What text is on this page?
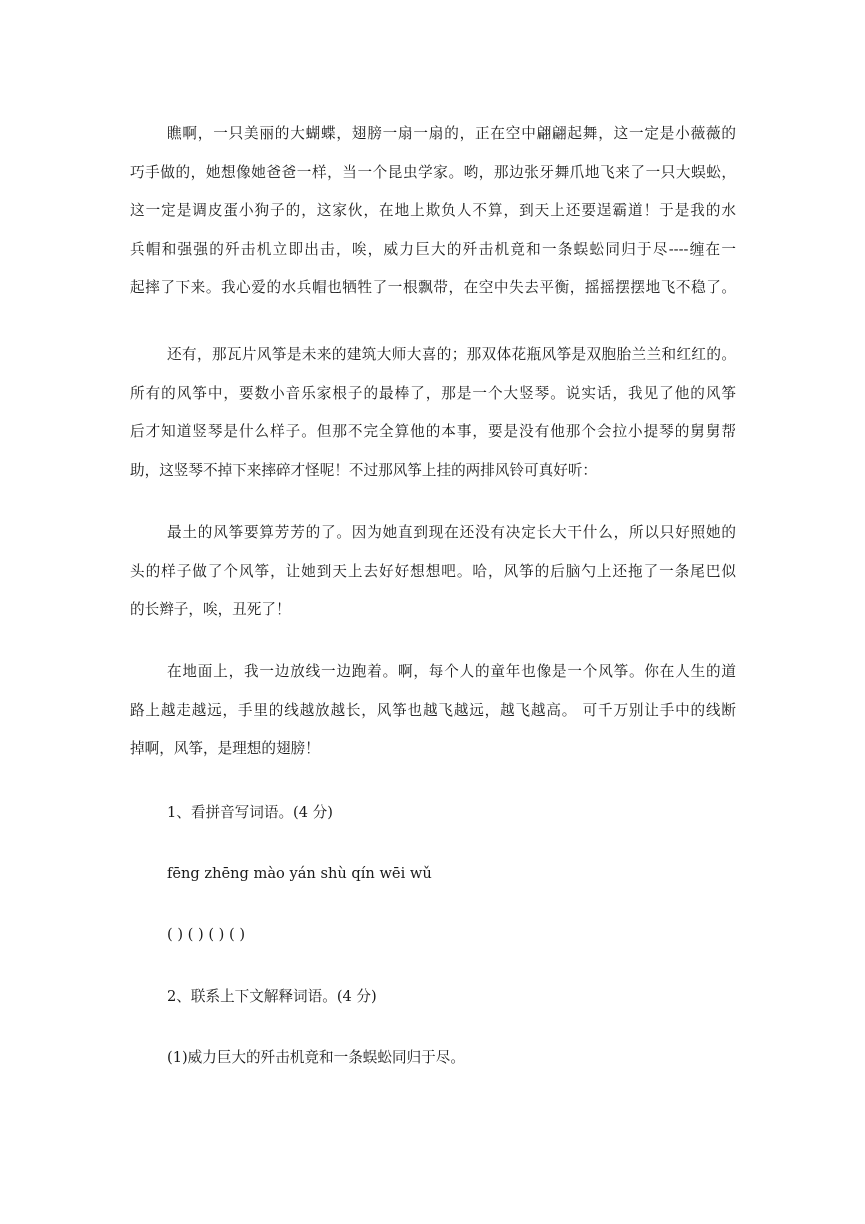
瞧啊，一只美丽的大蝴蝶，翅膀一扇一扇的，正在空中翩翩起舞，这一定是小薇薇的
巧手做的，她想像她爸爸一样，当一个昆虫学家。哟，那边张牙舞爪地飞来了一只大蜈蚣，
这一定是调皮蛋小狗子的，这家伙，在地上欺负人不算，到天上还要逞霸道！于是我的水
兵帽和强强的歼击机立即出击，唉，威力巨大的歼击机竟和一条蜈蚣同归于尽----缠在一
起摔了下来。我心爱的水兵帽也牺牲了一根飘带，在空中失去平衡，摇摇摆摆地飞不稳了。
还有，那瓦片风筝是未来的建筑大师大喜的；那双体花瓶风筝是双胞胎兰兰和红红的。
所有的风筝中，要数小音乐家根子的最棒了，那是一个大竖琴。说实话，我见了他的风筝
后才知道竖琴是什么样子。但那不完全算他的本事，要是没有他那个会拉小提琴的舅舅帮
助，这竖琴不掉下来摔碎才怪呢！不过那风筝上挂的两排风铃可真好听：
最土的风筝要算芳芳的了。因为她直到现在还没有决定长大干什么，所以只好照她的
头的样子做了个风筝，让她到天上去好好想想吧。哈，风筝的后脑勺上还拖了一条尾巴似
的长辫子，唉，丑死了！
在地面上，我一边放线一边跑着。啊，每个人的童年也像是一个风筝。你在人生的道
路上越走越远，手里的线越放越长，风筝也越飞越远，越飞越高。 可千万别让手中的线断
掉啊，风筝，是理想的翅膀！

1、看拼音写词语。(4 分)

fēng zhēng mào yán shù qín wēi wǔ

( ) ( ) ( ) ( )

2、联系上下文解释词语。(4 分)

(1)威力巨大的歼击机竟和一条蜈蚣同归于尽。
